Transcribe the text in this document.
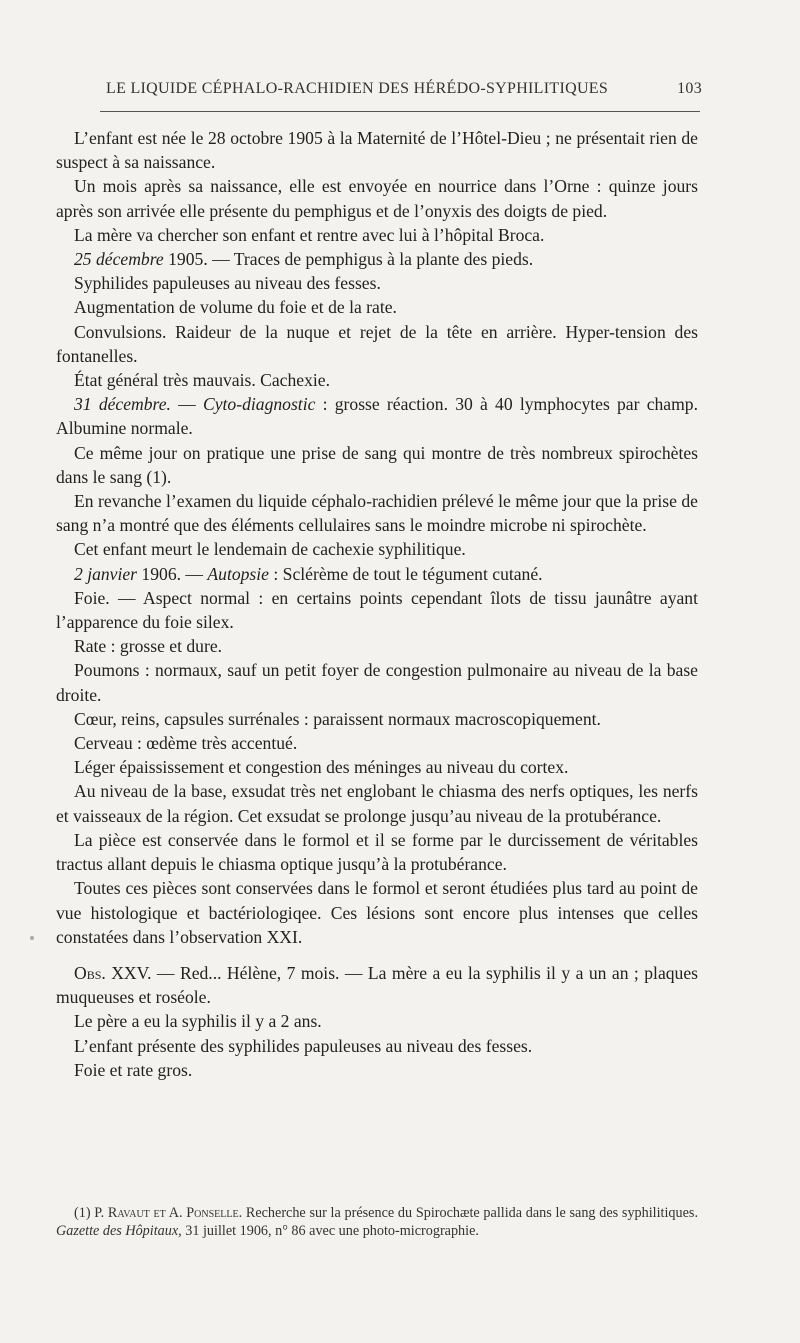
LE LIQUIDE CÉPHALO-RACHIDIEN DES HÉRÉDO-SYPHILITIQUES	103

L’enfant est née le 28 octobre 1905 à la Maternité de l’Hôtel-Dieu ; ne présentait rien de suspect à sa naissance.

Un mois après sa naissance, elle est envoyée en nourrice dans l’Orne : quinze jours après son arrivée elle présente du pemphigus et de l’onyxis des doigts de pied.

La mère va chercher son enfant et rentre avec lui à l’hôpital Broca.

25 décembre 1905. — Traces de pemphigus à la plante des pieds.

Syphilides papuleuses au niveau des fesses.

Augmentation de volume du foie et de la rate.

Convulsions. Raideur de la nuque et rejet de la tête en arrière. Hyper-tension des fontanelles.

État général très mauvais. Cachexie.

31 décembre. — Cyto-diagnostic : grosse réaction. 30 à 40 lymphocytes par champ. Albumine normale.

Ce même jour on pratique une prise de sang qui montre de très nombreux spirochètes dans le sang (1).

En revanche l’examen du liquide céphalo-rachidien prélevé le même jour que la prise de sang n’a montré que des éléments cellulaires sans le moindre microbe ni spirochète.

Cet enfant meurt le lendemain de cachexie syphilitique.

2 janvier 1906. — Autopsie : Sclérème de tout le tégument cutané.

Foie. — Aspect normal : en certains points cependant îlots de tissu jaunâtre ayant l’apparence du foie silex.

Rate : grosse et dure.

Poumons : normaux, sauf un petit foyer de congestion pulmonaire au niveau de la base droite.

Cœur, reins, capsules surrénales : paraissent normaux macroscopiquement.

Cerveau : œdème très accentué.

Léger épaississement et congestion des méninges au niveau du cortex.

Au niveau de la base, exsudat très net englobant le chiasma des nerfs optiques, les nerfs et vaisseaux de la région. Cet exsudat se prolonge jusqu’au niveau de la protubérance.

La pièce est conservée dans le formol et il se forme par le durcissement de véritables tractus allant depuis le chiasma optique jusqu’à la protubérance.

Toutes ces pièces sont conservées dans le formol et seront étudiées plus tard au point de vue histologique et bactériologiqee. Ces lésions sont encore plus intenses que celles constatées dans l’observation XXI.

Obs. XXV. — Red... Hélène, 7 mois. — La mère a eu la syphilis il y a un an ; plaques muqueuses et roséole.

Le père a eu la syphilis il y a 2 ans.

L’enfant présente des syphilides papuleuses au niveau des fesses.

Foie et rate gros.

(1) P. Ravaut et A. Ponselle. Recherche sur la présence du Spirochæte pallida dans le sang des syphilitiques. Gazette des Hôpitaux, 31 juillet 1906, n° 86 avec une photo-micrographie.
